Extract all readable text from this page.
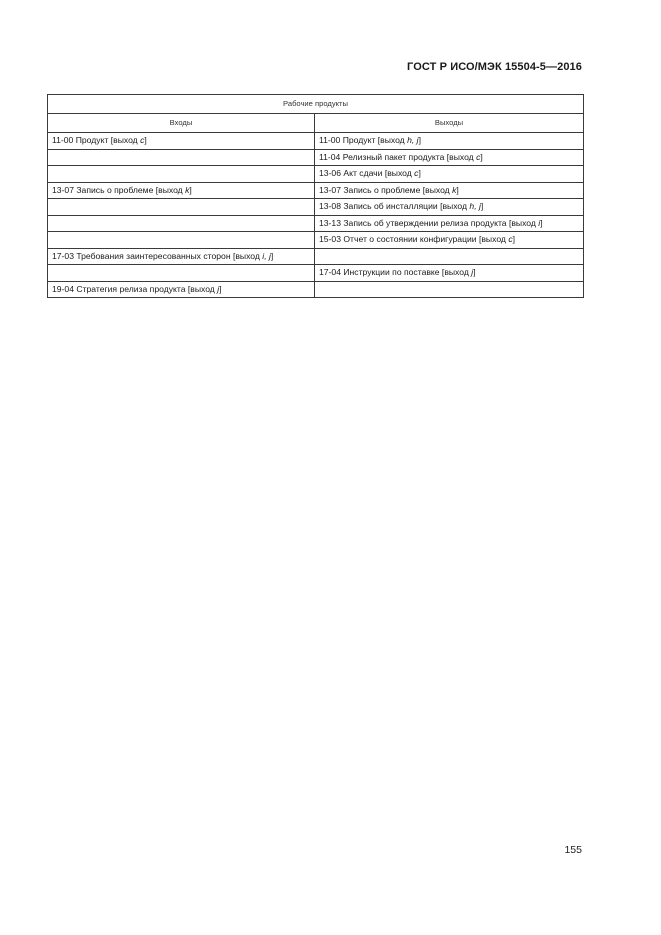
ГОСТ Р ИСО/МЭК 15504-5—2016
Рабочие продукты	
Входы	Выходы
11-00 Продукт [выход c]	11-00 Продукт [выход h, j]
	11-04 Релизный пакет продукта [выход c]
	13-06 Акт сдачи [выход c]
13-07 Запись о проблеме [выход k]	13-07 Запись о проблеме [выход k]
	13-08 Запись об инсталляции [выход h, j]
	13-13 Запись об утверждении релиза продукта [выход i]
	15-03 Отчет о состоянии конфигурации [выход c]
17-03 Требования заинтересованных сторон [выход i, j]	
	17-04 Инструкции по поставке [выход j]
19-04 Стратегия релиза продукта [выход j]	
155
